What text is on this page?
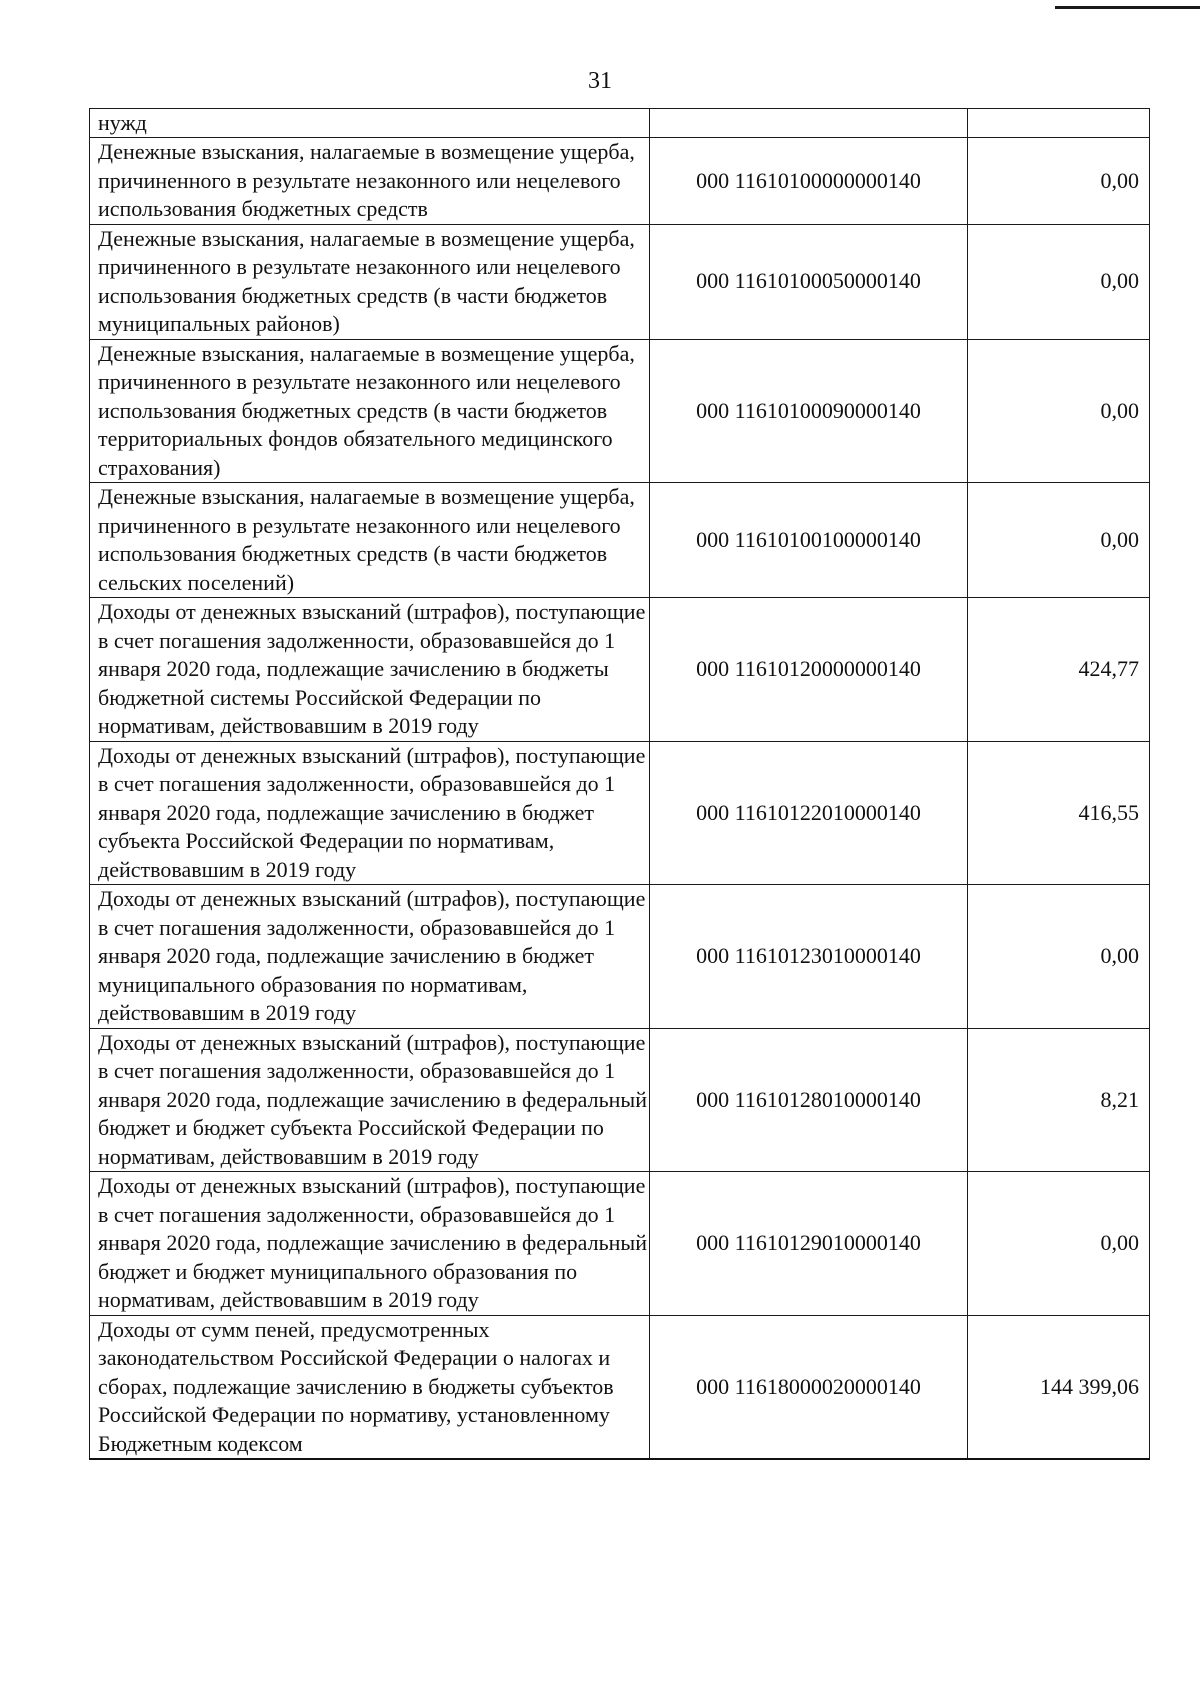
31
нужд		
Денежные взыскания, налагаемые в возмещение ущерба, причиненного в результате незаконного или нецелевого использования бюджетных средств	000 11610100000000140	0,00
Денежные взыскания, налагаемые в возмещение ущерба, причиненного в результате незаконного или нецелевого использования бюджетных средств (в части бюджетов муниципальных районов)	000 11610100050000140	0,00
Денежные взыскания, налагаемые в возмещение ущерба, причиненного в результате незаконного или нецелевого использования бюджетных средств (в части бюджетов территориальных фондов обязательного медицинского страхования)	000 11610100090000140	0,00
Денежные взыскания, налагаемые в возмещение ущерба, причиненного в результате незаконного или нецелевого использования бюджетных средств (в части бюджетов сельских поселений)	000 11610100100000140	0,00
Доходы от денежных взысканий (штрафов), поступающие в счет погашения задолженности, образовавшейся до 1 января 2020 года, подлежащие зачислению в бюджеты бюджетной системы Российской Федерации по нормативам, действовавшим в 2019 году	000 11610120000000140	424,77
Доходы от денежных взысканий (штрафов), поступающие в счет погашения задолженности, образовавшейся до 1 января 2020 года, подлежащие зачислению в бюджет субъекта Российской Федерации по нормативам, действовавшим в 2019 году	000 11610122010000140	416,55
Доходы от денежных взысканий (штрафов), поступающие в счет погашения задолженности, образовавшейся до 1 января 2020 года, подлежащие зачислению в бюджет муниципального образования по нормативам, действовавшим в 2019 году	000 11610123010000140	0,00
Доходы от денежных взысканий (штрафов), поступающие в счет погашения задолженности, образовавшейся до 1 января 2020 года, подлежащие зачислению в федеральный бюджет и бюджет субъекта Российской Федерации по нормативам, действовавшим в 2019 году	000 11610128010000140	8,21
Доходы от денежных взысканий (штрафов), поступающие в счет погашения задолженности, образовавшейся до 1 января 2020 года, подлежащие зачислению в федеральный бюджет и бюджет муниципального образования по нормативам, действовавшим в 2019 году	000 11610129010000140	0,00
Доходы от сумм пеней, предусмотренных законодательством Российской Федерации о налогах и сборах, подлежащие зачислению в бюджеты субъектов Российской Федерации по нормативу, установленному Бюджетным кодексом	000 11618000020000140	144 399,06
